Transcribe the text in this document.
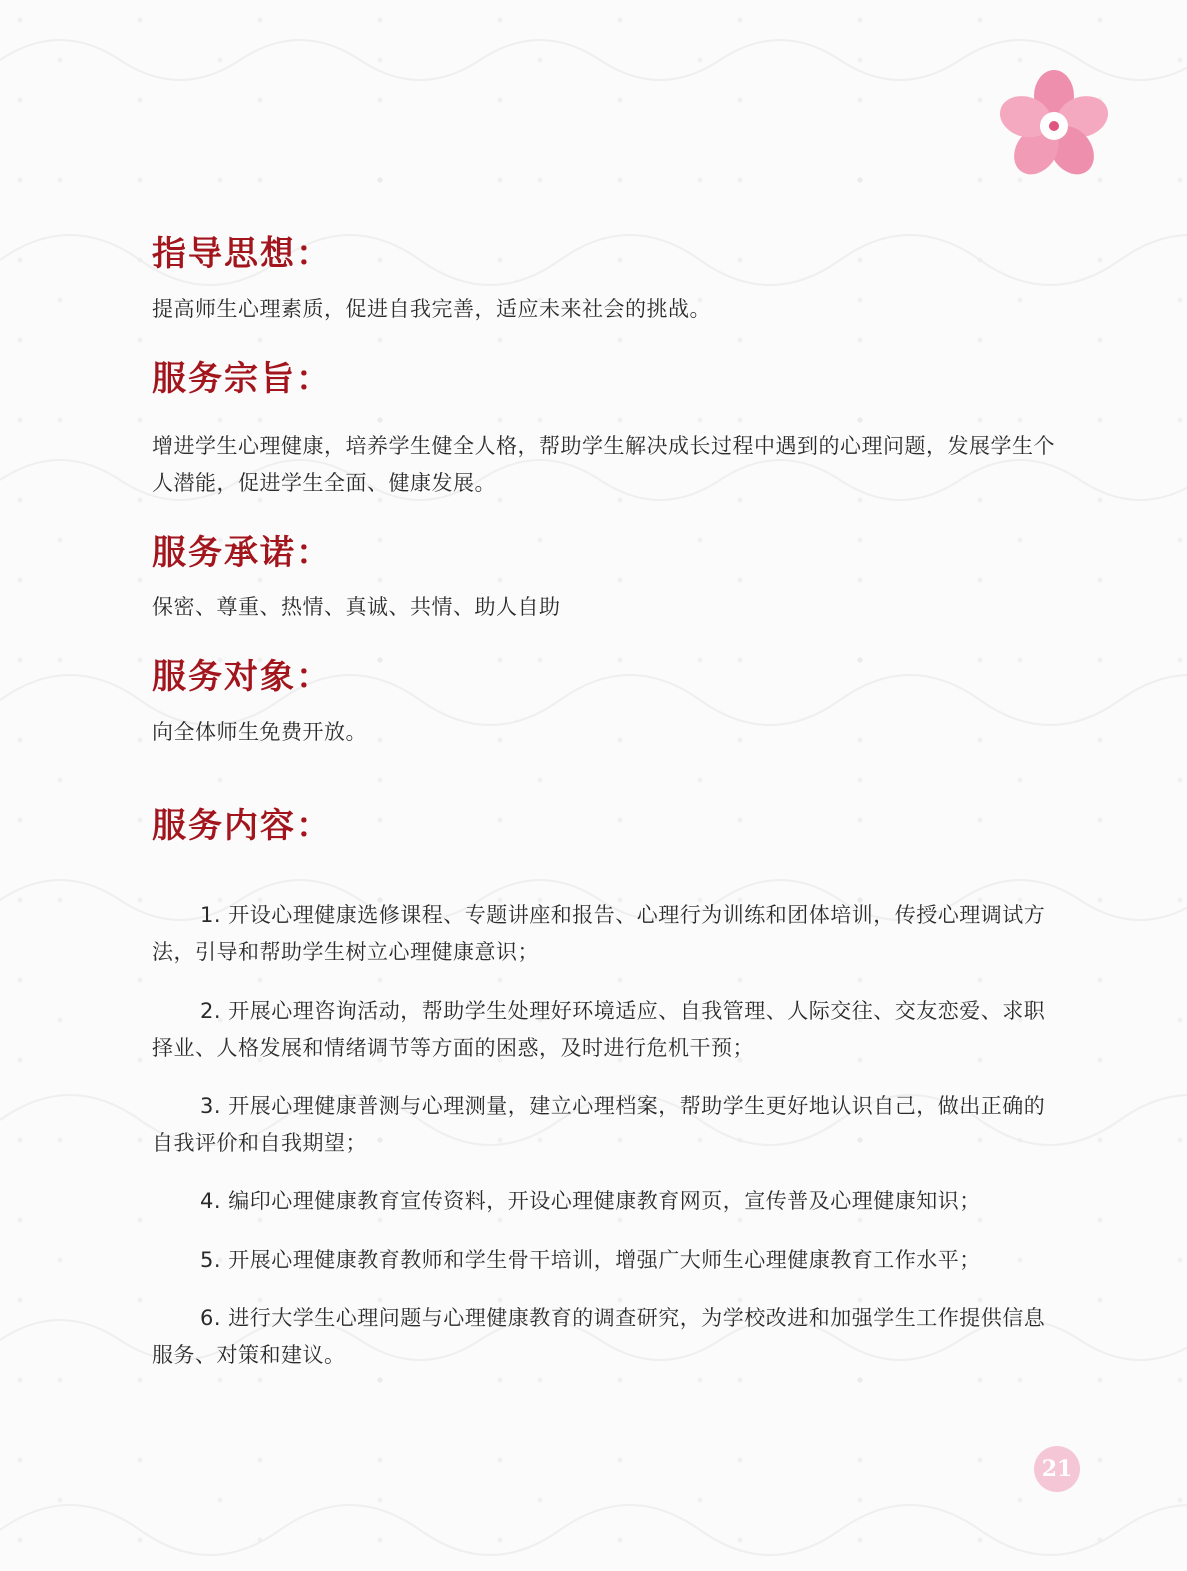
指导思想：
提高师生心理素质，促进自我完善，适应未来社会的挑战。
服务宗旨：
增进学生心理健康，培养学生健全人格，帮助学生解决成长过程中遇到的心理问题，发展学生个人潜能，促进学生全面、健康发展。
服务承诺：
保密、尊重、热情、真诚、共情、助人自助
服务对象：
向全体师生免费开放。
服务内容：
1. 开设心理健康选修课程、专题讲座和报告、心理行为训练和团体培训，传授心理调试方法，引导和帮助学生树立心理健康意识；
2. 开展心理咨询活动，帮助学生处理好环境适应、自我管理、人际交往、交友恋爱、求职择业、人格发展和情绪调节等方面的困惑，及时进行危机干预；
3. 开展心理健康普测与心理测量，建立心理档案，帮助学生更好地认识自己，做出正确的自我评价和自我期望；
4. 编印心理健康教育宣传资料，开设心理健康教育网页，宣传普及心理健康知识；
5. 开展心理健康教育教师和学生骨干培训，增强广大师生心理健康教育工作水平；
6. 进行大学生心理问题与心理健康教育的调查研究，为学校改进和加强学生工作提供信息服务、对策和建议。
21
